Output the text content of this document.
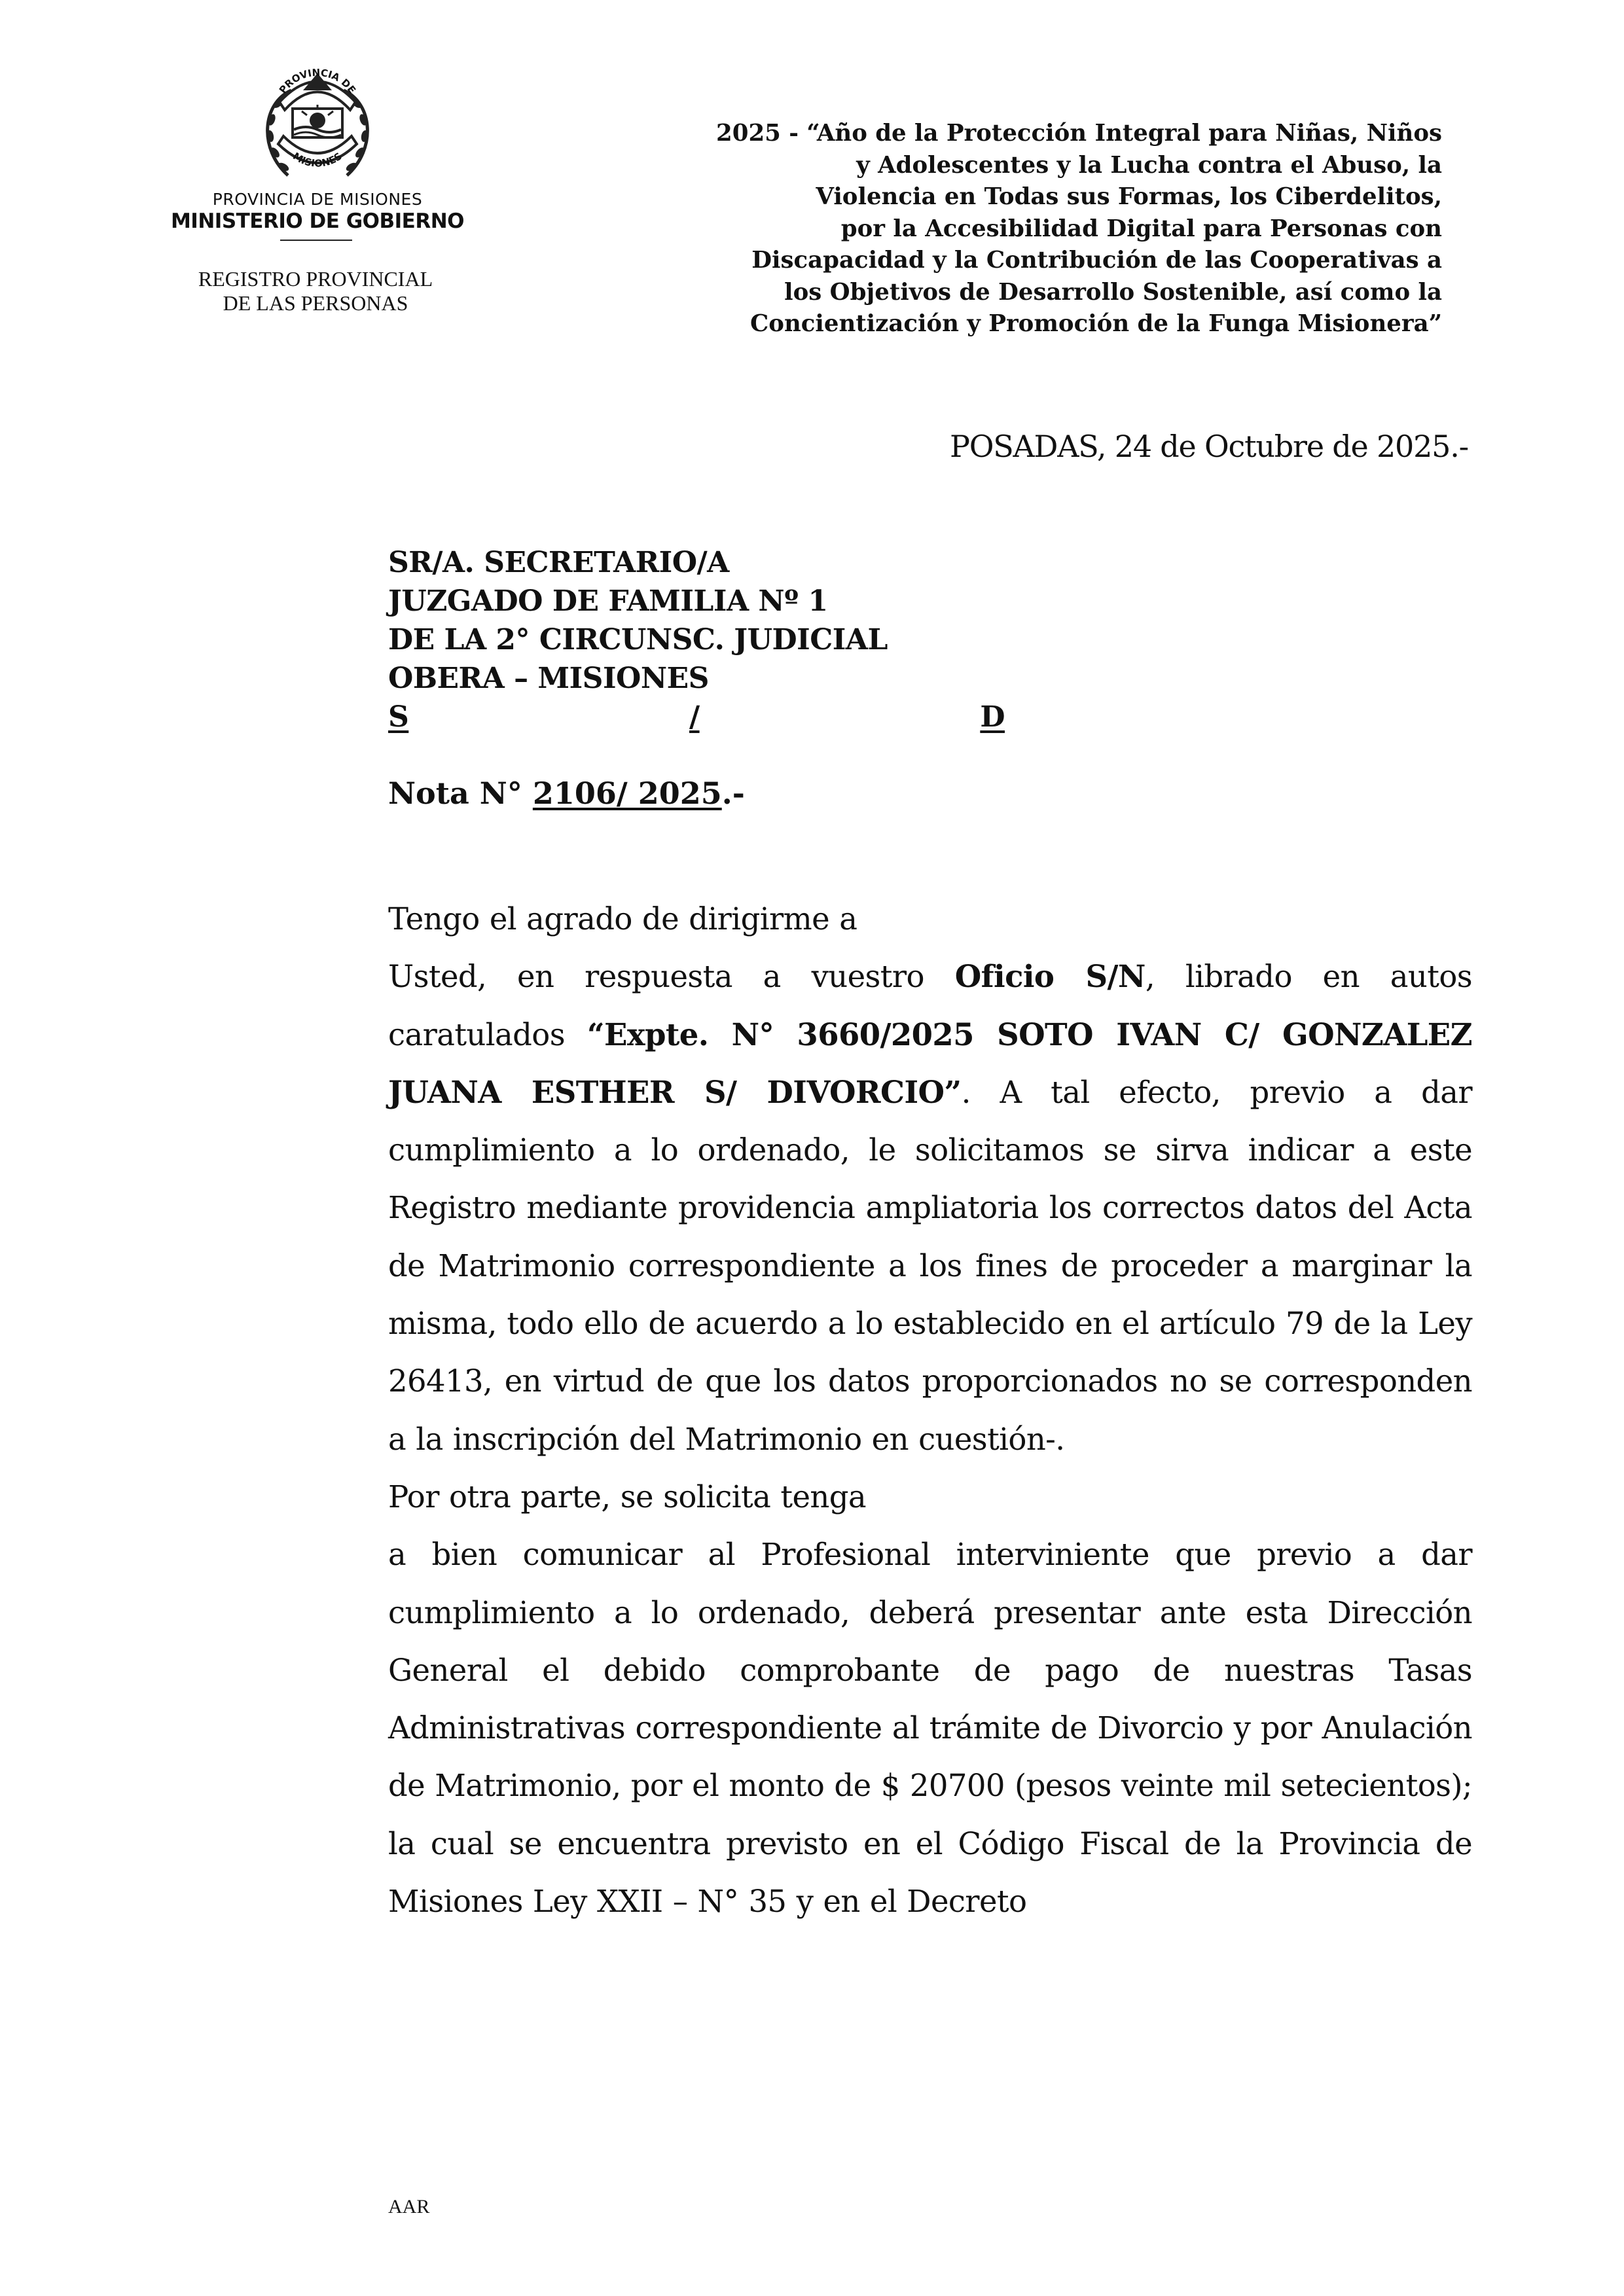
PROVINCIA DE
MISIONES
PROVINCIA DE MISIONES
MINISTERIO DE GOBIERNO
REGISTRO PROVINCIAL
DE LAS PERSONAS
2025 - “Año de la Protección Integral para Niñas, Niños
y Adolescentes y la Lucha contra el Abuso, la
Violencia en Todas sus Formas, los Ciberdelitos,
por la Accesibilidad Digital para Personas con
Discapacidad y la Contribución de las Cooperativas a
los Objetivos de Desarrollo Sostenible, así como la
Concientización y Promoción de la Funga Misionera”
POSADAS, 24 de Octubre de 2025.-
SR/A. SECRETARIO/A
JUZGADO DE FAMILIA Nº 1
DE LA 2° CIRCUNSC. JUDICIAL
OBERA – MISIONES
S	/	D
Nota N° 2106/ 2025.-

Tengo el agrado de dirigirme a

Usted, en respuesta a vuestro Oficio S/N, librado en autos caratulados “Expte. N° 3660/2025 SOTO IVAN C/ GONZALEZ JUANA ESTHER S/ DIVORCIO”. A tal efecto, previo a dar cumplimiento a lo ordenado, le solicitamos se sirva indicar a este Registro mediante providencia ampliatoria los correctos datos del Acta de Matrimonio correspondiente a los fines de proceder a marginar la misma, todo ello de acuerdo a lo establecido en el artículo 79 de la Ley 26413, en virtud de que los datos proporcionados no se corresponden a la inscripción del Matrimonio en cuestión-.

Por otra parte, se solicita tenga

a bien comunicar al Profesional interviniente que previo a dar cumplimiento a lo ordenado, deberá presentar ante esta Dirección General el debido comprobante de pago de nuestras Tasas Administrativas correspondiente al trámite de Divorcio y por Anulación de Matrimonio, por el monto de $ 20700 (pesos veinte mil setecientos); la cual se encuentra previsto en el Código Fiscal de la Provincia de Misiones Ley XXII – N° 35 y en el Decreto

AAR
